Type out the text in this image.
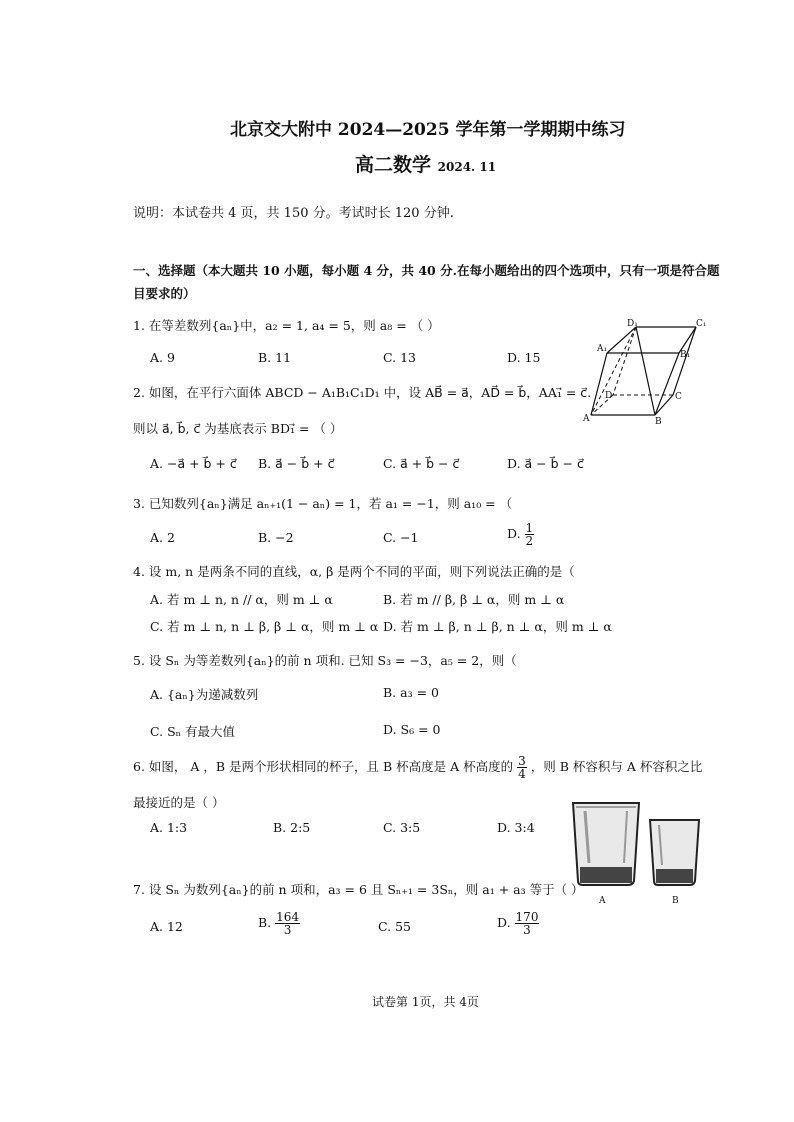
北京交大附中 2024—2025 学年第一学期期中练习
高二数学 2024. 11
说明：本试卷共 4 页，共 150 分。考试时长 120 分钟.
一、选择题（本大题共 10 小题，每小题 4 分，共 40 分.在每小题给出的四个选项中，只有一项是符合题
目要求的）
1. 在等差数列{aₙ}中，a₂ = 1, a₄ = 5，则 a₈ = （ ）
A. 9	B. 11	C. 13	D. 15
D₁	C₁
A₁
B₁
D	C
A	B
2. 如图，在平行六面体 ABCD − A₁B₁C₁D₁ 中，设 AB⃗ = a⃗，AD⃗ = b⃗，AA₁⃗ = c⃗.
则以 a⃗, b⃗, c⃗ 为基底表示 BD₁⃗ = （ ）
A. −a⃗ + b⃗ + c⃗ B. a⃗ − b⃗ + c⃗	C. a⃗ + b⃗ − c⃗	D. a⃗ − b⃗ − c⃗
3. 已知数列{aₙ}满足 aₙ₊₁(1 − aₙ) = 1，若 a₁ = −1，则 a₁₀ = （
A. 2	B. −2	C. −1	D. $\frac{1}{2}$
4. 设 m, n 是两条不同的直线，α, β 是两个不同的平面，则下列说法正确的是（
A. 若 m ⊥ n, n // α，则 m ⊥ α	B. 若 m // β, β ⊥ α，则 m ⊥ α
C. 若 m ⊥ n, n ⊥ β, β ⊥ α，则 m ⊥ α D. 若 m ⊥ β, n ⊥ β, n ⊥ α，则 m ⊥ α
5. 设 Sₙ 为等差数列{aₙ}的前 n 项和. 已知 S₃ = −3，a₅ = 2，则（
A. {aₙ}为递减数列	B. a₃ = 0
C. Sₙ 有最大值	D. S₆ = 0
6. 如图， A ，B 是两个形状相同的杯子，且 B 杯高度是 A 杯高度的 $\frac{3}{4}$ ，则 B 杯容积与 A 杯容积之比
最接近的是（ ）
A. 1:3	B. 2:5	C. 3:5	D. 3:4
A	B
7. 设 Sₙ 为数列{aₙ}的前 n 项和，a₃ = 6 且 Sₙ₊₁ = 3Sₙ，则 a₁ + a₃ 等于（ ）
A. 12	B. $\frac{164}{3}$	C. 55	D. $\frac{170}{3}$
试卷第 1页，共 4页
